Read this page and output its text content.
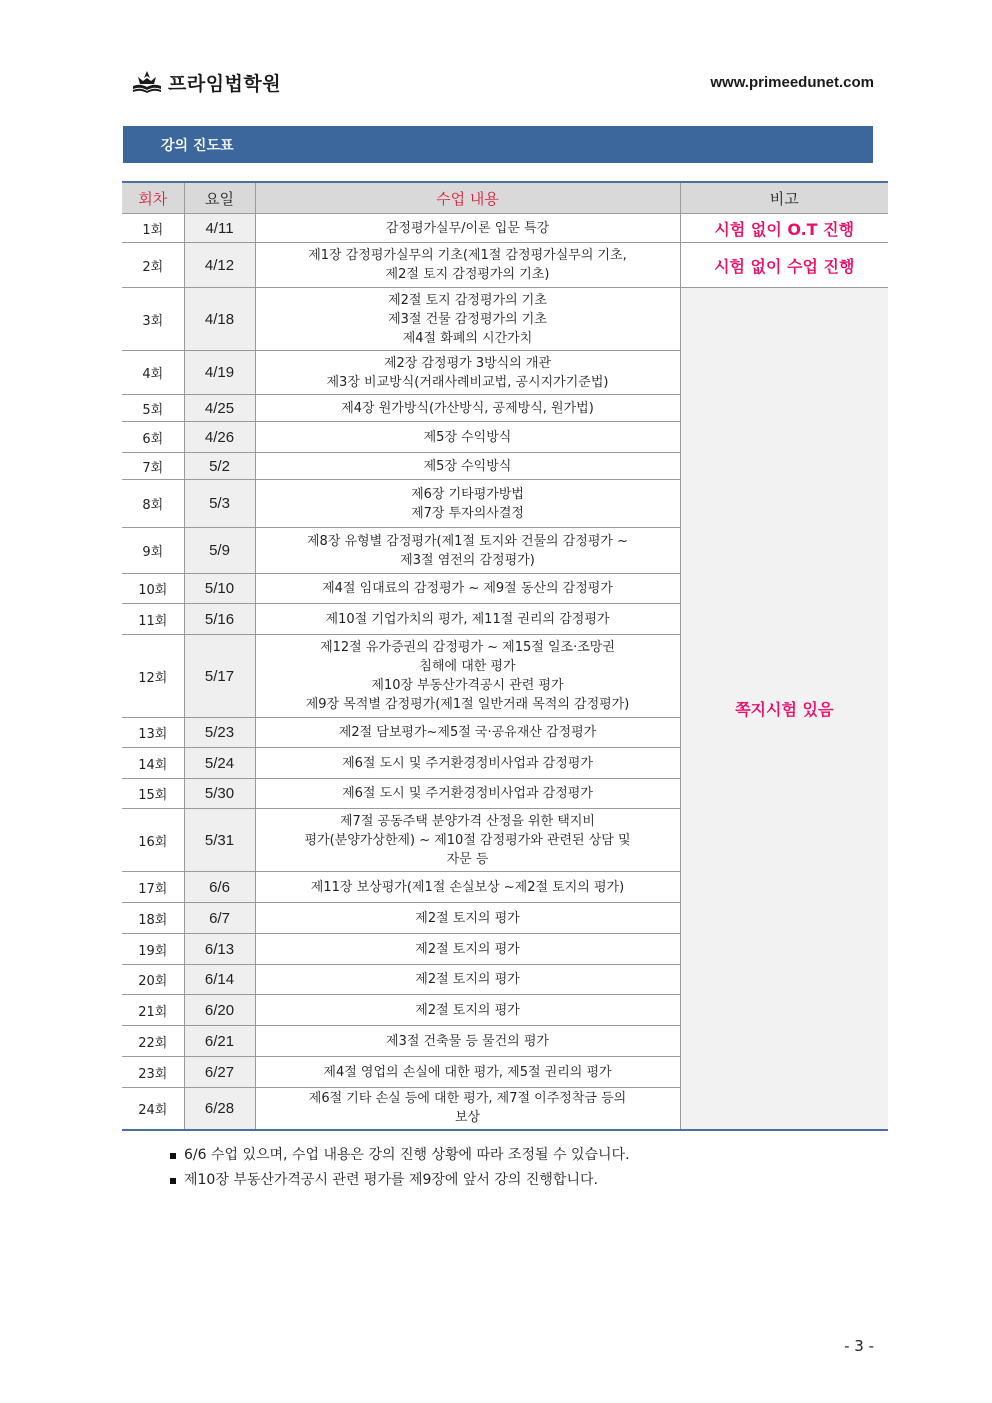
프라임법학원	www.primeedunet.com
강의 진도표
회차	요일	수업 내용	비고
1회	4/11	감정평가실무/이론 입문 특강	시험 없이 O.T 진행
2회	4/12	제1장 감정평가실무의 기초(제1절 감정평가실무의 기초,
제2절 토지 감정평가의 기초)	시험 없이 수업 진행
3회	4/18	제2절 토지 감정평가의 기초
제3절 건물 감정평가의 기초
제4절 화폐의 시간가치	쪽지시험 있음
4회	4/19	제2장 감정평가 3방식의 개관
제3장 비교방식(거래사례비교법, 공시지가기준법)	

5회	4/25	제4장 원가방식(가산방식, 공제방식, 원가법)	

6회	4/26	제5장 수익방식	

7회	5/2	제5장 수익방식	

8회	5/3	제6장 기타평가방법
제7장 투자의사결정	

9회	5/9	제8장 유형별 감정평가(제1절 토지와 건물의 감정평가 ~
제3절 염전의 감정평가)	

10회	5/10	제4절 임대료의 감정평가 ~ 제9절 동산의 감정평가	

11회	5/16	제10절 기업가치의 평가, 제11절 권리의 감정평가	

12회	5/17	제12절 유가증권의 감정평가 ~ 제15절 일조·조망권
침해에 대한 평가
제10장 부동산가격공시 관련 평가
제9장 목적별 감정평가(제1절 일반거래 목적의 감정평가)	

13회	5/23	제2절 담보평가~제5절 국·공유재산 감정평가	

14회	5/24	제6절 도시 및 주거환경정비사업과 감정평가	

15회	5/30	제6절 도시 및 주거환경정비사업과 감정평가	

16회	5/31	제7절 공동주택 분양가격 산정을 위한 택지비
평가(분양가상한제) ~ 제10절 감정평가와 관련된 상담 및
자문 등	

17회	6/6	제11장 보상평가(제1절 손실보상 ~제2절 토지의 평가)	

18회	6/7	제2절 토지의 평가	

19회	6/13	제2절 토지의 평가	

20회	6/14	제2절 토지의 평가	

21회	6/20	제2절 토지의 평가	

22회	6/21	제3절 건축물 등 물건의 평가	

23회	6/27	제4절 영업의 손실에 대한 평가, 제5절 권리의 평가	

24회	6/28	제6절 기타 손실 등에 대한 평가, 제7절 이주정착금 등의
보상	
6/6 수업 있으며, 수업 내용은 강의 진행 상황에 따라 조정될 수 있습니다.
제10장 부동산가격공시 관련 평가를 제9장에 앞서 강의 진행합니다.
- 3 -
